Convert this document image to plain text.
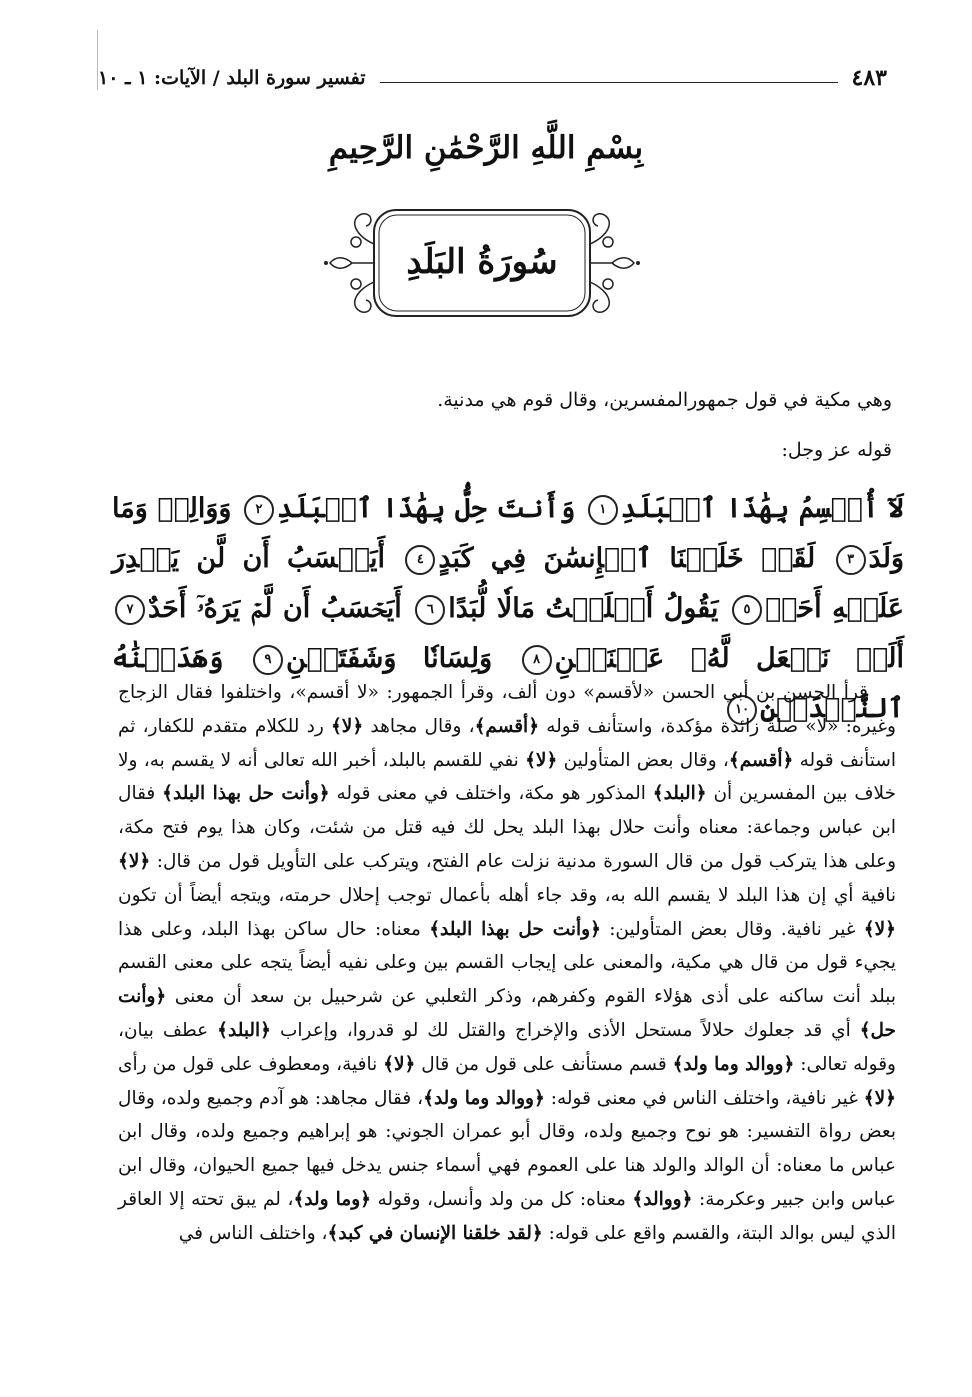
تفسير سورة البلد / الآيات: ١ ـ ١٠	٤٨٣
بِسْمِ اللَّهِ الرَّحْمَٰنِ الرَّحِيمِ
سُورَةُ البَلَدِ
وهي مكية في قول جمهورالمفسرين، وقال قوم هي مدنية.
قوله عز وجل:
لَآ أُقۡسِمُ بِهَٰذَا ٱلۡبَلَدِ١ وَأَنتَ حِلُّۢ بِهَٰذَا ٱلۡبَلَدِ٢ وَوَالِدٖ وَمَا وَلَدَ٣ لَقَدۡ خَلَقۡنَا ٱلۡإِنسَٰنَ فِي كَبَدٍ٤ أَيَحۡسَبُ أَن لَّن يَقۡدِرَ عَلَيۡهِ أَحَدٞ٥ يَقُولُ أَهۡلَكۡتُ مَالٗا لُّبَدًا٦ أَيَحۡسَبُ أَن لَّمۡ يَرَهُۥٓ أَحَدٌ٧ أَلَمۡ نَجۡعَل لَّهُۥ عَيۡنَيۡنِ٨ وَلِسَانٗا وَشَفَتَيۡنِ٩ وَهَدَيۡنَٰهُ ٱلنَّجۡدَيۡنِ١٠

قرأ الحسن بن أبي الحسن «لأقسم» دون ألف، وقرأ الجمهور: «لا أقسم»، واختلفوا فقال الزجاج وغيره: «لا» صلة زائدة مؤكدة، واستأنف قوله ﴿أقسم﴾، وقال مجاهد ﴿لا﴾ رد للكلام متقدم للكفار، ثم استأنف قوله ﴿أقسم﴾، وقال بعض المتأولين ﴿لا﴾ نفي للقسم بالبلد، أخبر الله تعالى أنه لا يقسم به، ولا خلاف بين المفسرين أن ﴿البلد﴾ المذكور هو مكة، واختلف في معنى قوله ﴿وأنت حل بهذا البلد﴾ فقال ابن عباس وجماعة: معناه وأنت حلال بهذا البلد يحل لك فيه قتل من شئت، وكان هذا يوم فتح مكة، وعلى هذا يتركب قول من قال السورة مدنية نزلت عام الفتح، ويتركب على التأويل قول من قال: ﴿لا﴾ نافية أي إن هذا البلد لا يقسم الله به، وقد جاء أهله بأعمال توجب إحلال حرمته، ويتجه أيضاً أن تكون ﴿لا﴾ غير نافية. وقال بعض المتأولين: ﴿وأنت حل بهذا البلد﴾ معناه: حال ساكن بهذا البلد، وعلى هذا يجيء قول من قال هي مكية، والمعنى على إيجاب القسم بين وعلى نفيه أيضاً يتجه على معنى القسم ببلد أنت ساكنه على أذى هؤلاء القوم وكفرهم، وذكر الثعلبي عن شرحبيل بن سعد أن معنى ﴿وأنت حل﴾ أي قد جعلوك حلالاً مستحل الأذى والإخراج والقتل لك لو قدروا، وإعراب ﴿البلد﴾ عطف بيان، وقوله تعالى: ﴿ووالد وما ولد﴾ قسم مستأنف على قول من قال ﴿لا﴾ نافية، ومعطوف على قول من رأى ﴿لا﴾ غير نافية، واختلف الناس في معنى قوله: ﴿ووالد وما ولد﴾، فقال مجاهد: هو آدم وجميع ولده، وقال بعض رواة التفسير: هو نوح وجميع ولده، وقال أبو عمران الجوني: هو إبراهيم وجميع ولده، وقال ابن عباس ما معناه: أن الوالد والولد هنا على العموم فهي أسماء جنس يدخل فيها جميع الحيوان، وقال ابن عباس وابن جبير وعكرمة: ﴿ووالد﴾ معناه: كل من ولد وأنسل، وقوله ﴿وما ولد﴾، لم يبق تحته إلا العاقر الذي ليس بوالد البتة، والقسم واقع على قوله: ﴿لقد خلقنا الإنسان في كبد﴾، واختلف الناس في
